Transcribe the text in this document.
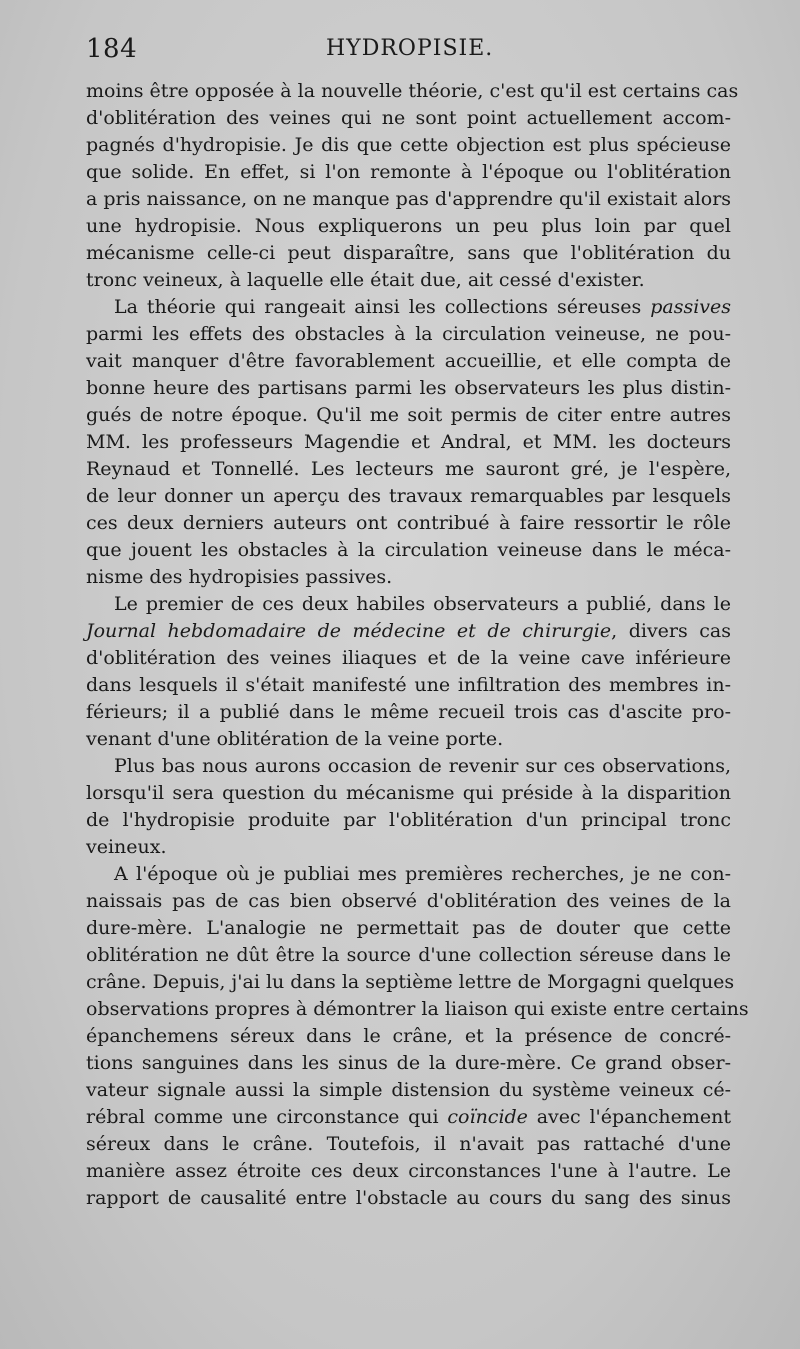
184	HYDROPISIE.
moins être opposée à la nouvelle théorie, c'est qu'il est certains cas
d'oblitération des veines qui ne sont point actuellement accom-
pagnés d'hydropisie. Je dis que cette objection est plus spécieuse
que solide. En effet, si l'on remonte à l'époque ou l'oblitération
a pris naissance, on ne manque pas d'apprendre qu'il existait alors
une hydropisie. Nous expliquerons un peu plus loin par quel
mécanisme celle-ci peut disparaître, sans que l'oblitération du
tronc veineux, à laquelle elle était due, ait cessé d'exister.
La théorie qui rangeait ainsi les collections séreuses passives
parmi les effets des obstacles à la circulation veineuse, ne pou-
vait manquer d'être favorablement accueillie, et elle compta de
bonne heure des partisans parmi les observateurs les plus distin-
gués de notre époque. Qu'il me soit permis de citer entre autres
MM. les professeurs Magendie et Andral, et MM. les docteurs
Reynaud et Tonnellé. Les lecteurs me sauront gré, je l'espère,
de leur donner un aperçu des travaux remarquables par lesquels
ces deux derniers auteurs ont contribué à faire ressortir le rôle
que jouent les obstacles à la circulation veineuse dans le méca-
nisme des hydropisies passives.
Le premier de ces deux habiles observateurs a publié, dans le
Journal hebdomadaire de médecine et de chirurgie, divers cas
d'oblitération des veines iliaques et de la veine cave inférieure
dans lesquels il s'était manifesté une infiltration des membres in-
férieurs; il a publié dans le même recueil trois cas d'ascite pro-
venant d'une oblitération de la veine porte.
Plus bas nous aurons occasion de revenir sur ces observations,
lorsqu'il sera question du mécanisme qui préside à la disparition
de l'hydropisie produite par l'oblitération d'un principal tronc
veineux.
A l'époque où je publiai mes premières recherches, je ne con-
naissais pas de cas bien observé d'oblitération des veines de la
dure-mère. L'analogie ne permettait pas de douter que cette
oblitération ne dût être la source d'une collection séreuse dans le
crâne. Depuis, j'ai lu dans la septième lettre de Morgagni quelques
observations propres à démontrer la liaison qui existe entre certains
épanchemens séreux dans le crâne, et la présence de concré-
tions sanguines dans les sinus de la dure-mère. Ce grand obser-
vateur signale aussi la simple distension du système veineux cé-
rébral comme une circonstance qui coïncide avec l'épanchement
séreux dans le crâne. Toutefois, il n'avait pas rattaché d'une
manière assez étroite ces deux circonstances l'une à l'autre. Le
rapport de causalité entre l'obstacle au cours du sang des sinus
